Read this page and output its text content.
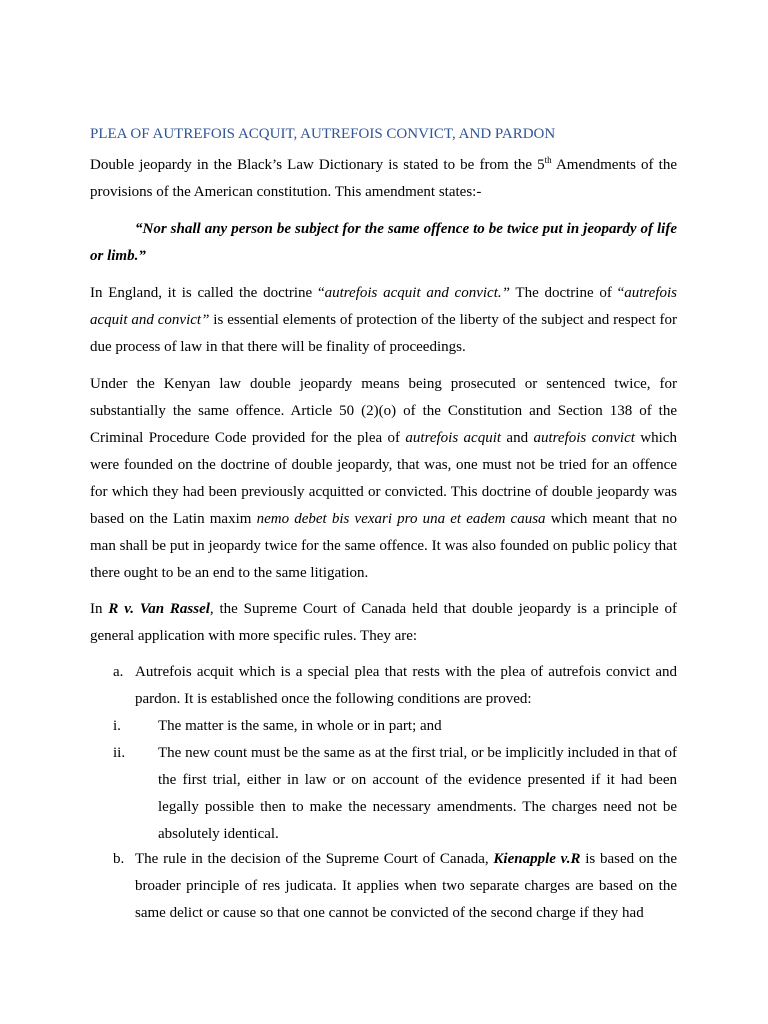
PLEA OF AUTREFOIS ACQUIT, AUTREFOIS CONVICT, AND PARDON

Double jeopardy in the Black’s Law Dictionary is stated to be from the 5th Amendments of the provisions of the American constitution. This amendment states:-

“Nor shall any person be subject for the same offence to be twice put in jeopardy of life or limb.”

In England, it is called the doctrine “autrefois acquit and convict.” The doctrine of “autrefois acquit and convict” is essential elements of protection of the liberty of the subject and respect for due process of law in that there will be finality of proceedings.

Under the Kenyan law double jeopardy means being prosecuted or sentenced twice, for substantially the same offence. Article 50 (2)(o) of the Constitution and Section 138 of the Criminal Procedure Code provided for the plea of autrefois acquit and autrefois convict which were founded on the doctrine of double jeopardy, that was, one must not be tried for an offence for which they had been previously acquitted or convicted. This doctrine of double jeopardy was based on the Latin maxim nemo debet bis vexari pro una et eadem causa which meant that no man shall be put in jeopardy twice for the same offence. It was also founded on public policy that there ought to be an end to the same litigation.

In R v. Van Rassel, the Supreme Court of Canada held that double jeopardy is a principle of general application with more specific rules. They are:

a. Autrefois acquit which is a special plea that rests with the plea of autrefois convict and pardon. It is established once the following conditions are proved:

i. The matter is the same, in whole or in part; and

ii. The new count must be the same as at the first trial, or be implicitly included in that of the first trial, either in law or on account of the evidence presented if it had been legally possible then to make the necessary amendments. The charges need not be absolutely identical.

b. The rule in the decision of the Supreme Court of Canada, Kienapple v.R is based on the broader principle of res judicata. It applies when two separate charges are based on the same delict or cause so that one cannot be convicted of the second charge if they had
